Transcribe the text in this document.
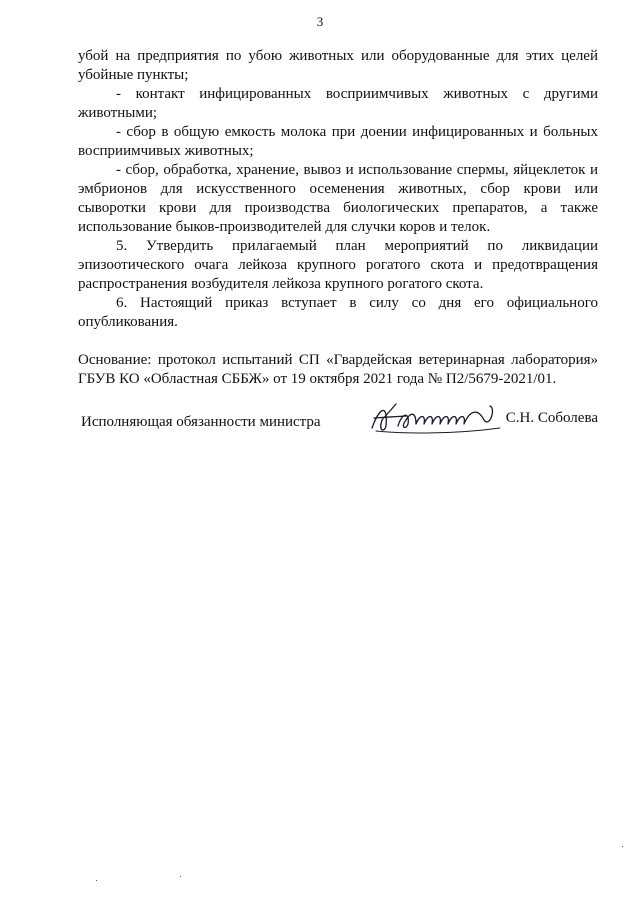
3

убой на предприятия по убою животных или оборудованные для этих целей убойные пункты;

- контакт инфицированных восприимчивых животных с другими животными;

- сбор в общую емкость молока при доении инфицированных и больных восприимчивых животных;

- сбор, обработка, хранение, вывоз и использование спермы, яйцеклеток и эмбрионов для искусственного осеменения животных, сбор крови или сыворотки крови для производства биологических препаратов, а также использование быков-производителей для случки коров и телок.

5. Утвердить прилагаемый план мероприятий по ликвидации эпизоотического очага лейкоза крупного рогатого скота и предотвращения распространения возбудителя лейкоза крупного рогатого скота.

6. Настоящий приказ вступает в силу со дня его официального опубликования.

Основание: протокол испытаний СП «Гвардейская ветеринарная лаборатория» ГБУВ КО «Областная СББЖ» от 19 октября 2021 года № П2/5679-2021/01.

Исполняющая обязанности министра	С.Н. Соболева
